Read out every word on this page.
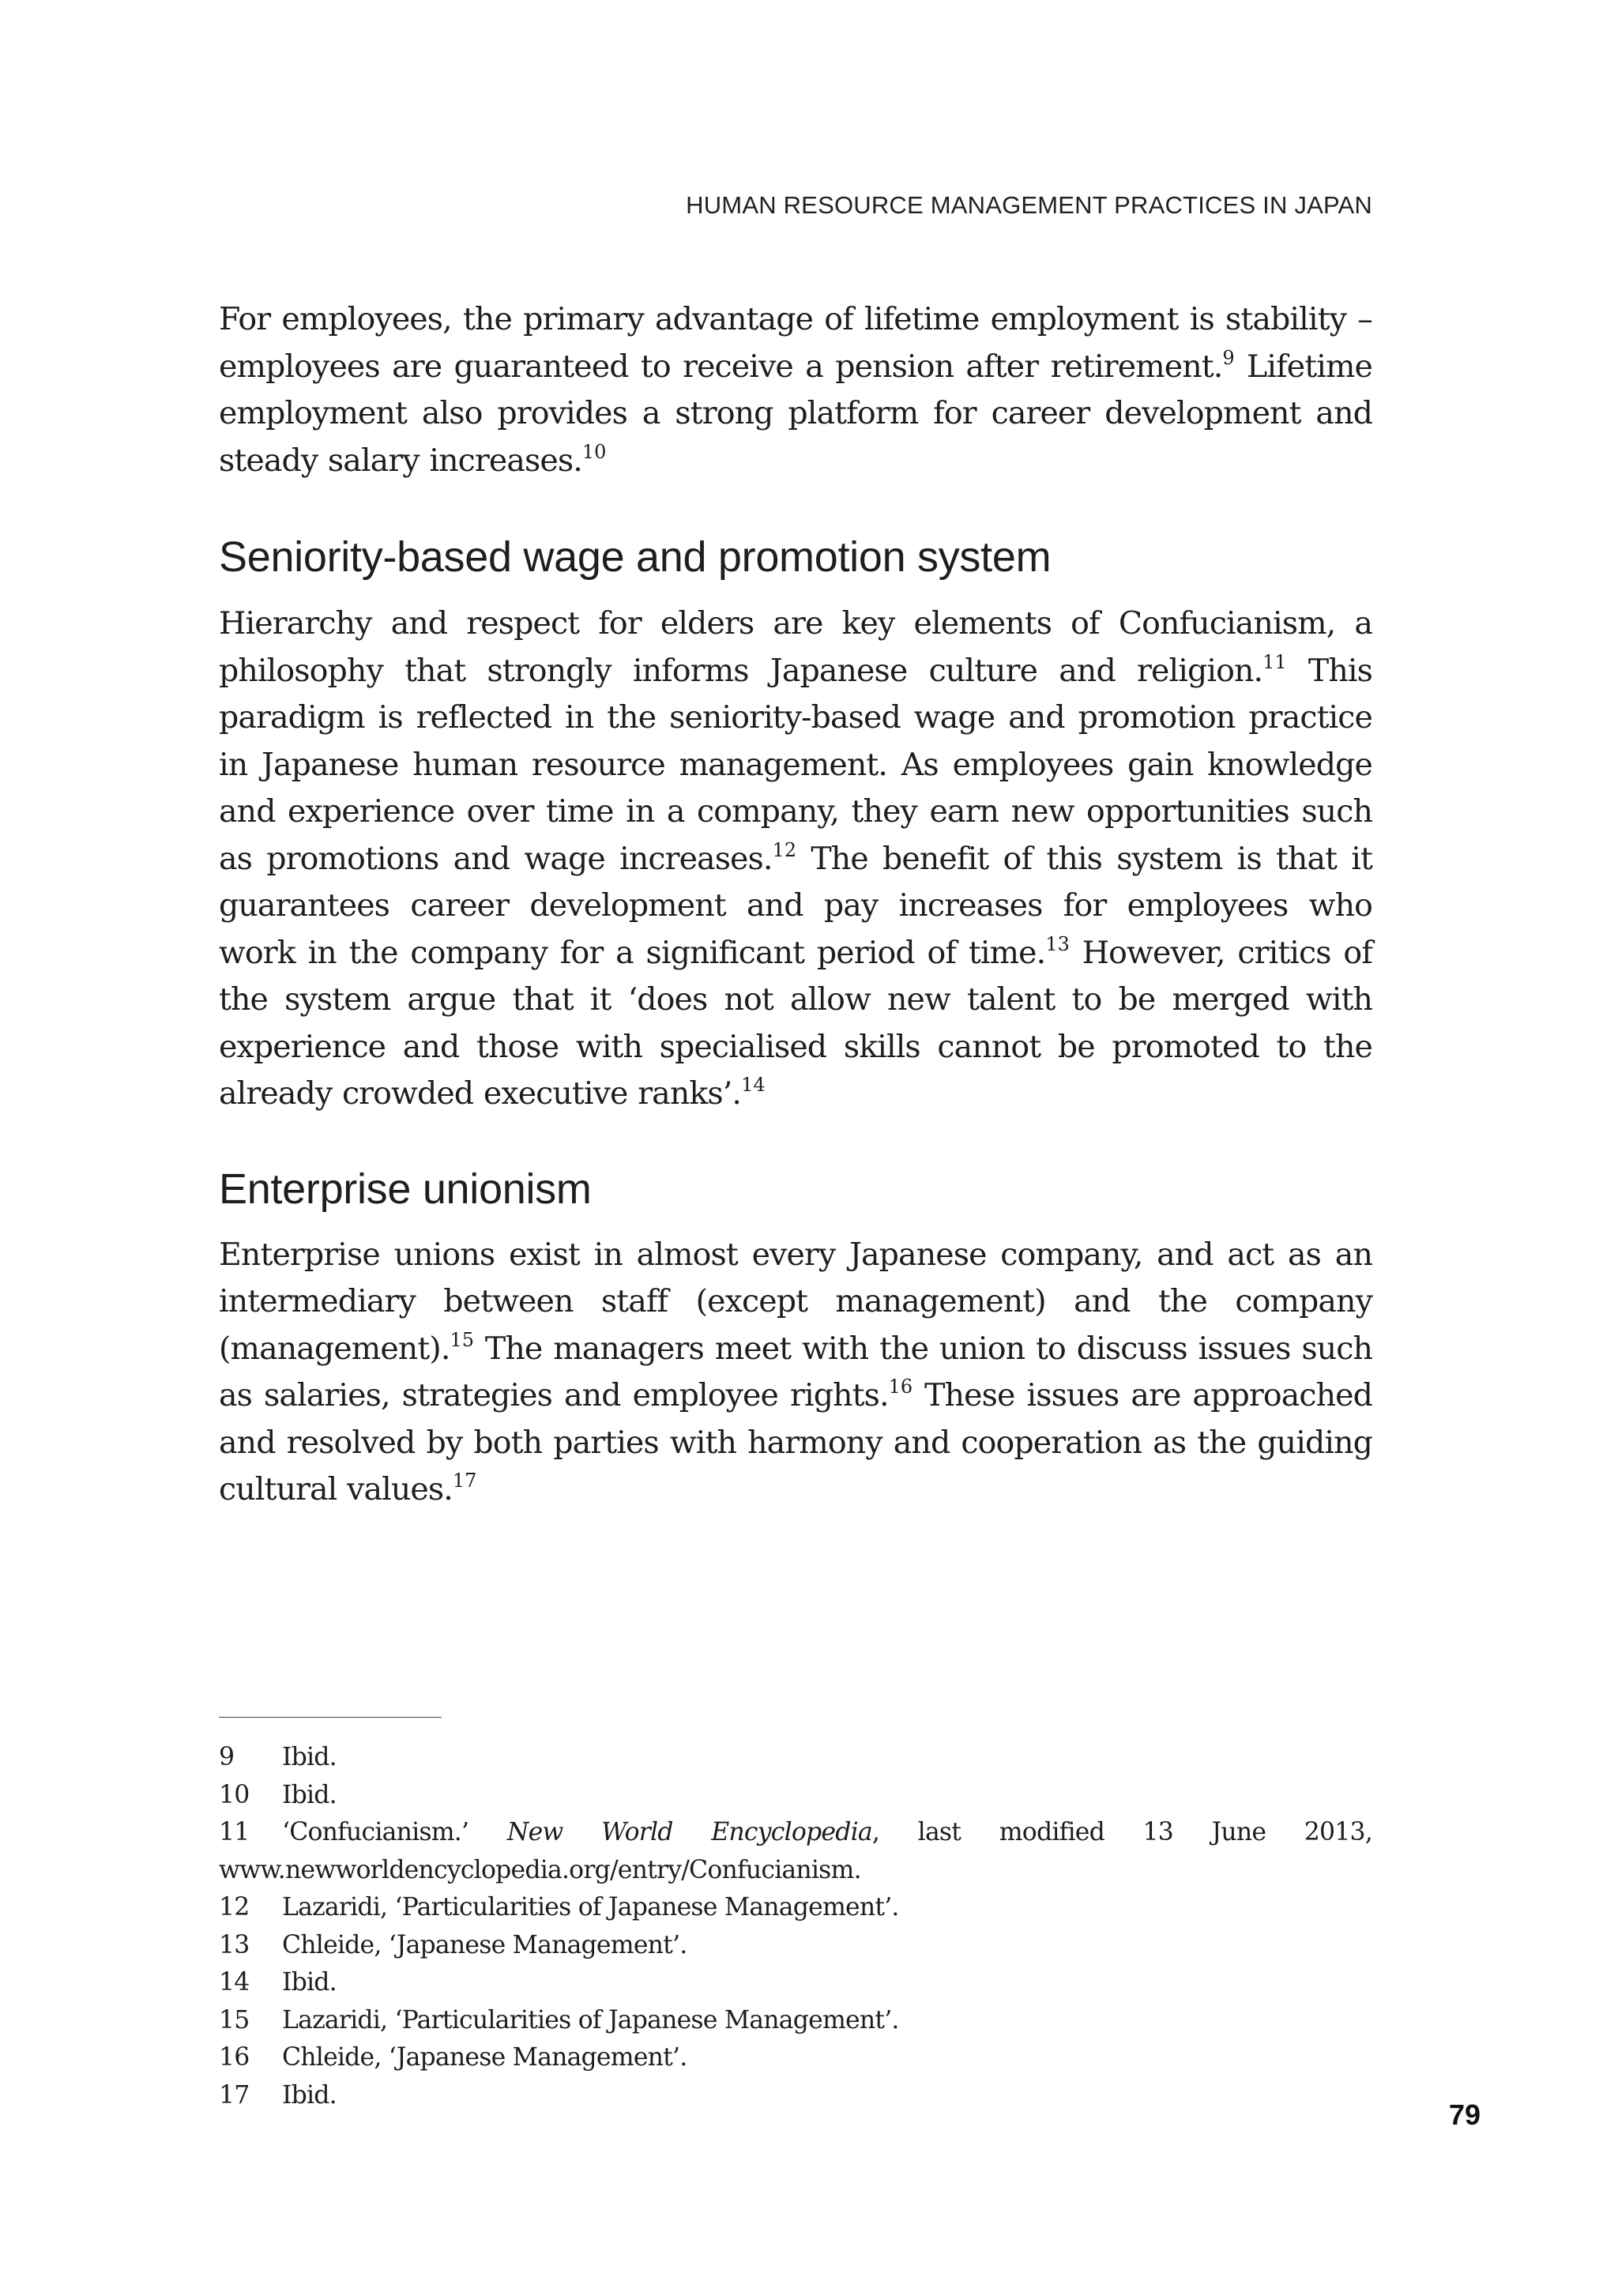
HUMAN RESOURCE MANAGEMENT PRACTICES IN JAPAN

For employees, the primary advantage of lifetime employment is stability – employees are guaranteed to receive a pension after retirement.$^9$ Lifetime employment also provides a strong platform for career development and steady salary increases.$^{10}$

Seniority-based wage and promotion system

Hierarchy and respect for elders are key elements of Confucianism, a philosophy that strongly informs Japanese culture and religion.$^{11}$ This paradigm is reflected in the seniority-based wage and promotion practice in Japanese human resource management. As employees gain knowledge and experience over time in a company, they earn new opportunities such as promotions and wage increases.$^{12}$ The benefit of this system is that it guarantees career development and pay increases for employees who work in the company for a significant period of time.$^{13}$ However, critics of the system argue that it ‘does not allow new talent to be merged with experience and those with specialised skills cannot be promoted to the already crowded executive ranks’.$^{14}$

Enterprise unionism

Enterprise unions exist in almost every Japanese company, and act as an intermediary between staff (except management) and the company (management).$^{15}$ The managers meet with the union to discuss issues such as salaries, strategies and employee rights.$^{16}$ These issues are approached and resolved by both parties with harmony and cooperation as the guiding cultural values.$^{17}$

9 Ibid.
10 Ibid.
11 ‘Confucianism.’ New World Encyclopedia, last modified 13 June 2013, www.newworldencyclopedia.org/entry/Confucianism.
12 Lazaridi, ‘Particularities of Japanese Management’.
13 Chleide, ‘Japanese Management’.
14 Ibid.
15 Lazaridi, ‘Particularities of Japanese Management’.
16 Chleide, ‘Japanese Management’.
17 Ibid.
79
